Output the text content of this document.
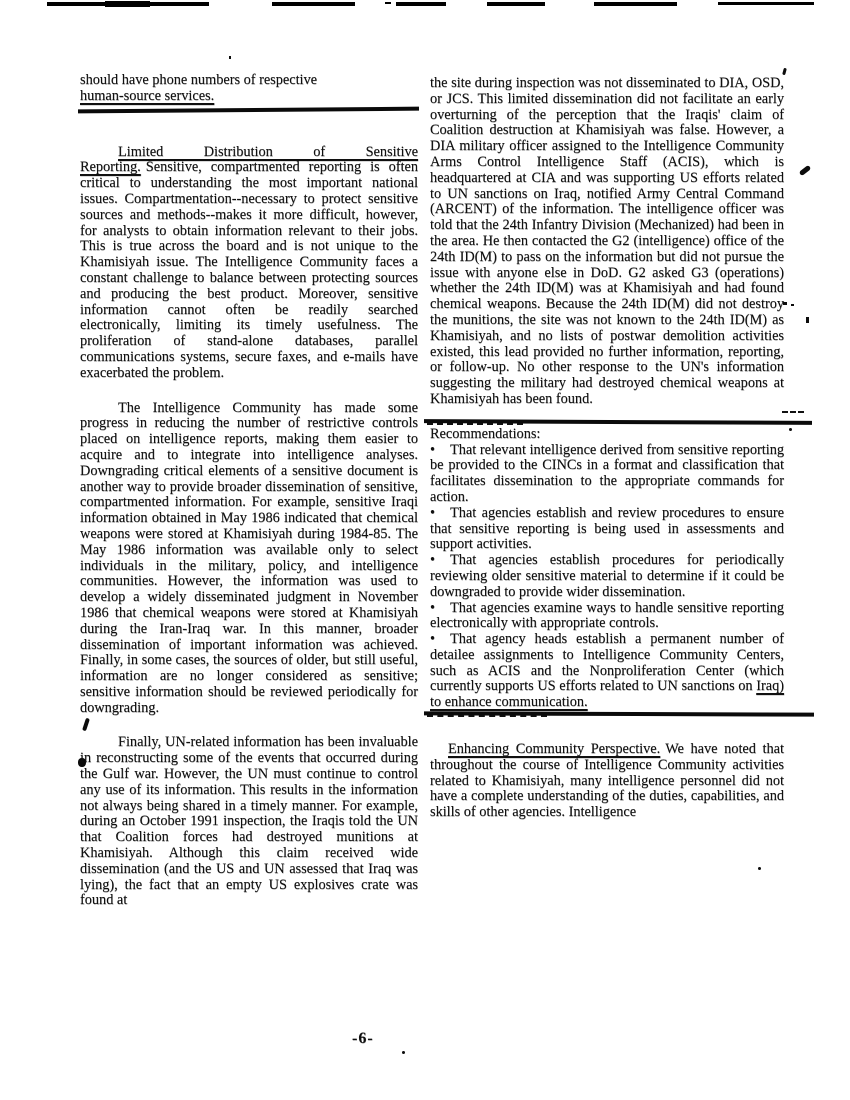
should have phone numbers of respective
human-source services.

Limited Distribution of Sensitive Reporting. Sensitive, compartmented reporting is often critical to understanding the most important national issues. Compartmentation--necessary to protect sensitive sources and methods--makes it more difficult, however, for analysts to obtain information relevant to their jobs. This is true across the board and is not unique to the Khamisiyah issue. The Intelligence Community faces a constant challenge to balance between protecting sources and producing the best product. Moreover, sensitive information cannot often be readily searched electronically, limiting its timely usefulness. The proliferation of stand-alone databases, parallel communications systems, secure faxes, and e-mails have exacerbated the problem.

The Intelligence Community has made some progress in reducing the number of restrictive controls placed on intelligence reports, making them easier to acquire and to integrate into intelligence analyses. Downgrading critical elements of a sensitive document is another way to provide broader dissemination of sensitive, compartmented information. For example, sensitive Iraqi information obtained in May 1986 indicated that chemical weapons were stored at Khamisiyah during 1984-85. The May 1986 information was available only to select individuals in the military, policy, and intelligence communities. However, the information was used to develop a widely disseminated judgment in November 1986 that chemical weapons were stored at Khamisiyah during the Iran-Iraq war. In this manner, broader dissemination of important information was achieved. Finally, in some cases, the sources of older, but still useful, information are no longer considered as sensitive; sensitive information should be reviewed periodically for downgrading.

Finally, UN-related information has been invaluable in reconstructing some of the events that occurred during the Gulf war. However, the UN must continue to control any use of its information. This results in the information not always being shared in a timely manner. For example, during an October 1991 inspection, the Iraqis told the UN that Coalition forces had destroyed munitions at Khamisiyah. Although this claim received wide dissemination (and the US and UN assessed that Iraq was lying), the fact that an empty US explosives crate was found at

the site during inspection was not disseminated to DIA, OSD, or JCS. This limited dissemination did not facilitate an early overturning of the perception that the Iraqis' claim of Coalition destruction at Khamisiyah was false. However, a DIA military officer assigned to the Intelligence Community Arms Control Intelligence Staff (ACIS), which is headquartered at CIA and was supporting US efforts related to UN sanctions on Iraq, notified Army Central Command (ARCENT) of the information. The intelligence officer was told that the 24th Infantry Division (Mechanized) had been in the area. He then contacted the G2 (intelligence) office of the 24th ID(M) to pass on the information but did not pursue the issue with anyone else in DoD. G2 asked G3 (operations) whether the 24th ID(M) was at Khamisiyah and had found chemical weapons. Because the 24th ID(M) did not destroy the munitions, the site was not known to the 24th ID(M) as Khamisiyah, and no lists of postwar demolition activities existed, this lead provided no further information, reporting, or follow-up. No other response to the UN's information suggesting the military had destroyed chemical weapons at Khamisiyah has been found.

Recommendations:

• That relevant intelligence derived from sensitive reporting be provided to the CINCs in a format and classification that facilitates dissemination to the appropriate commands for action.

• That agencies establish and review procedures to ensure that sensitive reporting is being used in assessments and support activities.

• That agencies establish procedures for periodically reviewing older sensitive material to determine if it could be downgraded to provide wider dissemination.

• That agencies examine ways to handle sensitive reporting electronically with appropriate controls.

• That agency heads establish a permanent number of detailee assignments to Intelligence Community Centers, such as ACIS and the Nonproliferation Center (which currently supports US efforts related to UN sanctions on Iraq) to enhance communication.

Enhancing Community Perspective. We have noted that throughout the course of Intelligence Community activities related to Khamisiyah, many intelligence personnel did not have a complete understanding of the duties, capabilities, and skills of other agencies. Intelligence

-6-
